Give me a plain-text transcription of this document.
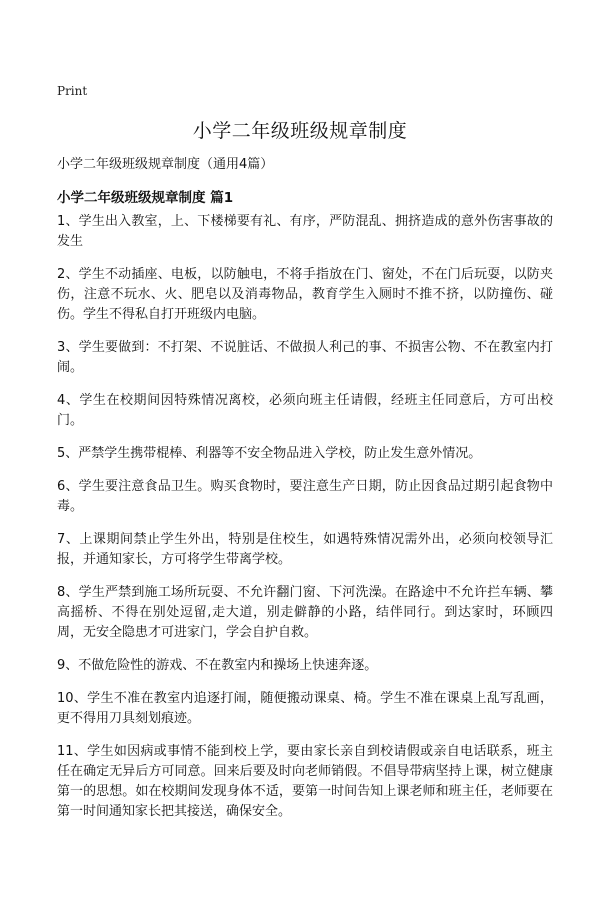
Print
小学二年级班级规章制度
小学二年级班级规章制度（通用4篇）
小学二年级班级规章制度 篇1
1、学生出入教室，上、下楼梯要有礼、有序，严防混乱、拥挤造成的意外伤害事故的发生
2、学生不动插座、电板，以防触电，不将手指放在门、窗处，不在门后玩耍，以防夹伤，注意不玩水、火、肥皂以及消毒物品，教育学生入厕时不推不挤，以防撞伤、碰伤。学生不得私自打开班级内电脑。
3、学生要做到：不打架、不说脏话、不做损人利己的事、不损害公物、不在教室内打闹。
4、学生在校期间因特殊情况离校，必须向班主任请假，经班主任同意后，方可出校门。
5、严禁学生携带棍棒、利器等不安全物品进入学校，防止发生意外情况。
6、学生要注意食品卫生。购买食物时，要注意生产日期，防止因食品过期引起食物中毒。
7、上课期间禁止学生外出，特别是住校生，如遇特殊情况需外出，必须向校领导汇报，并通知家长，方可将学生带离学校。
8、学生严禁到施工场所玩耍、不允许翻门窗、下河洗澡。在路途中不允许拦车辆、攀高摇桥、不得在别处逗留,走大道，别走僻静的小路，结伴同行。到达家时，环顾四周，无安全隐患才可进家门，学会自护自救。
9、不做危险性的游戏、不在教室内和操场上快速奔逐。
10、学生不准在教室内追逐打闹，随便搬动课桌、椅。学生不准在课桌上乱写乱画，更不得用刀具刻划痕迹。
11、学生如因病或事情不能到校上学，要由家长亲自到校请假或亲自电话联系，班主任在确定无异后方可同意。回来后要及时向老师销假。不倡导带病坚持上课，树立健康第一的思想。如在校期间发现身体不适，要第一时间告知上课老师和班主任，老师要在第一时间通知家长把其接送，确保安全。
